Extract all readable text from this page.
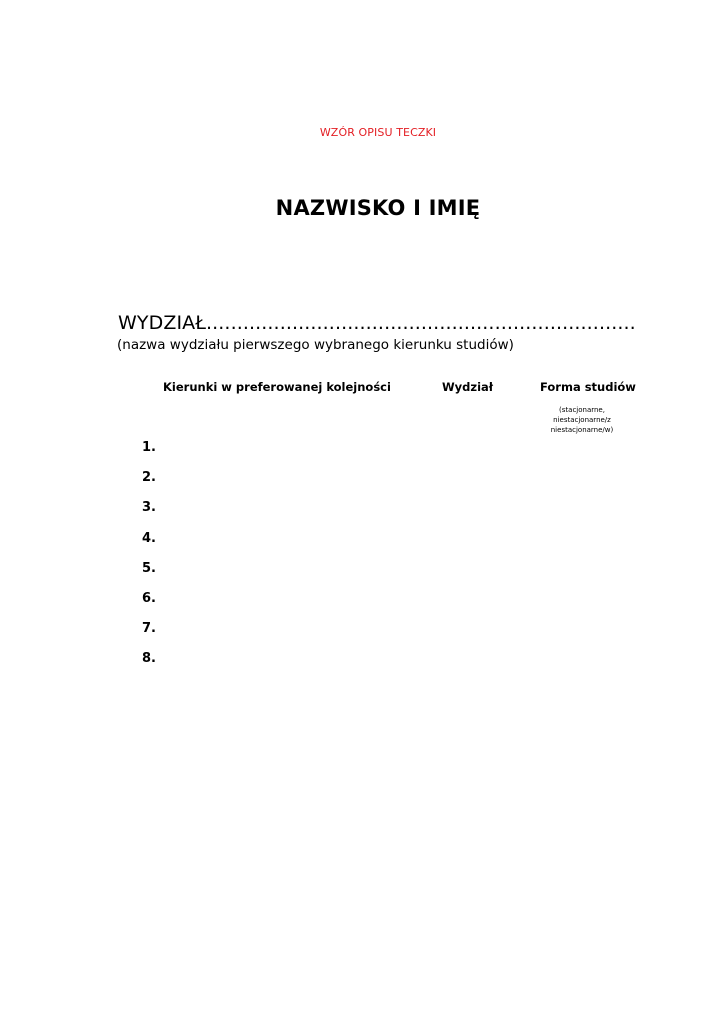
WZÓR OPISU TECZKI
NAZWISKO I IMIĘ
WYDZIAŁ......................................................................
(nazwa wydziału pierwszego wybranego kierunku studiów)
Kierunki w preferowanej kolejności	Wydział	Forma studiów
(stacjonarne,
niestacjonarne/z
niestacjonarne/w)
1.
2.
3.
4.
5.
6.
7.
8.
